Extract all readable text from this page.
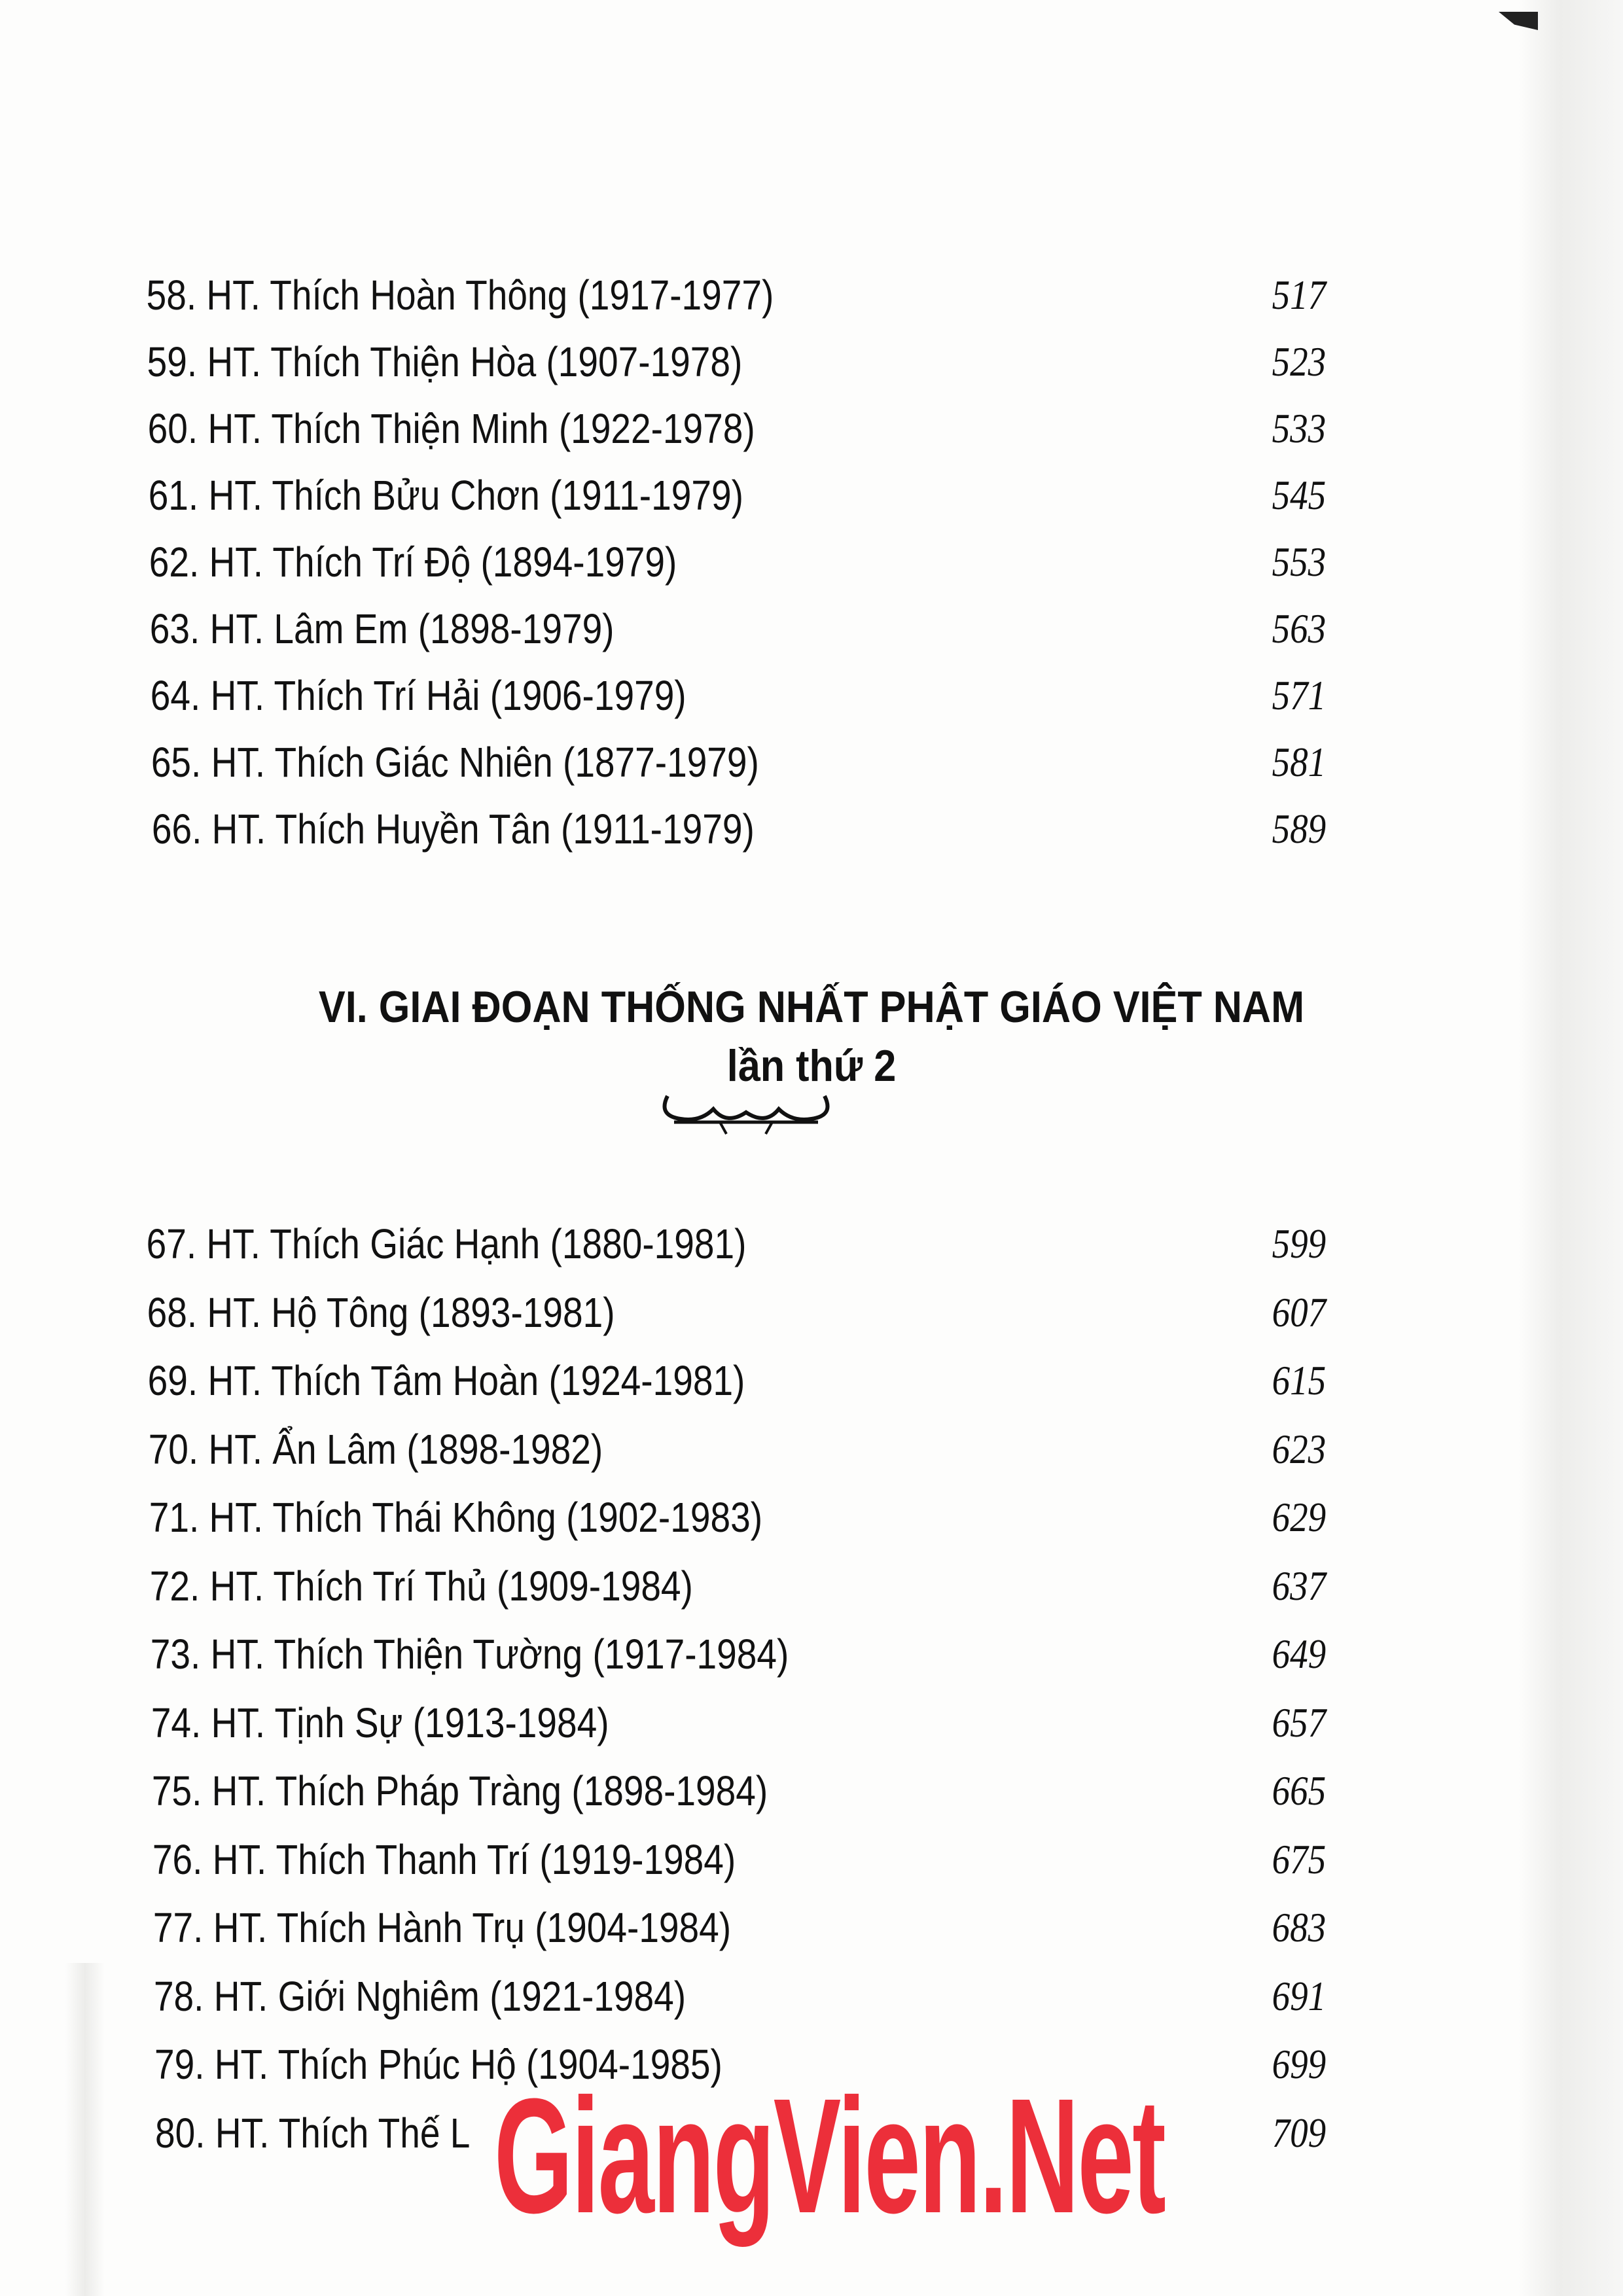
58. HT. Thích Hoàn Thông (1917-1977)	517
59. HT. Thích Thiện Hòa (1907-1978)	523
60. HT. Thích Thiện Minh (1922-1978)	533
61. HT. Thích Bửu Chơn (1911-1979)	545
62. HT. Thích Trí Độ (1894-1979)	553
63. HT. Lâm Em (1898-1979)	563
64. HT. Thích Trí Hải (1906-1979)	571
65. HT. Thích Giác Nhiên (1877-1979)	581
66. HT. Thích Huyền Tân (1911-1979)	589
VI. GIAI ĐOẠN THỐNG NHẤT PHẬT GIÁO VIỆT NAM
lần thứ 2
67. HT. Thích Giác Hạnh (1880-1981)	599
68. HT. Hộ Tông (1893-1981)	607
69. HT. Thích Tâm Hoàn (1924-1981)	615
70. HT. Ẩn Lâm (1898-1982)	623
71. HT. Thích Thái Không (1902-1983)	629
72. HT. Thích Trí Thủ (1909-1984)	637
73. HT. Thích Thiện Tường (1917-1984)	649
74. HT. Tịnh Sự (1913-1984)	657
75. HT. Thích Pháp Tràng (1898-1984)	665
76. HT. Thích Thanh Trí (1919-1984)	675
77. HT. Thích Hành Trụ (1904-1984)	683
78. HT. Giới Nghiêm (1921-1984)	691
79. HT. Thích Phúc Hộ (1904-1985)	699
80. HT. Thích Thế L	709
GiangVien.Net
